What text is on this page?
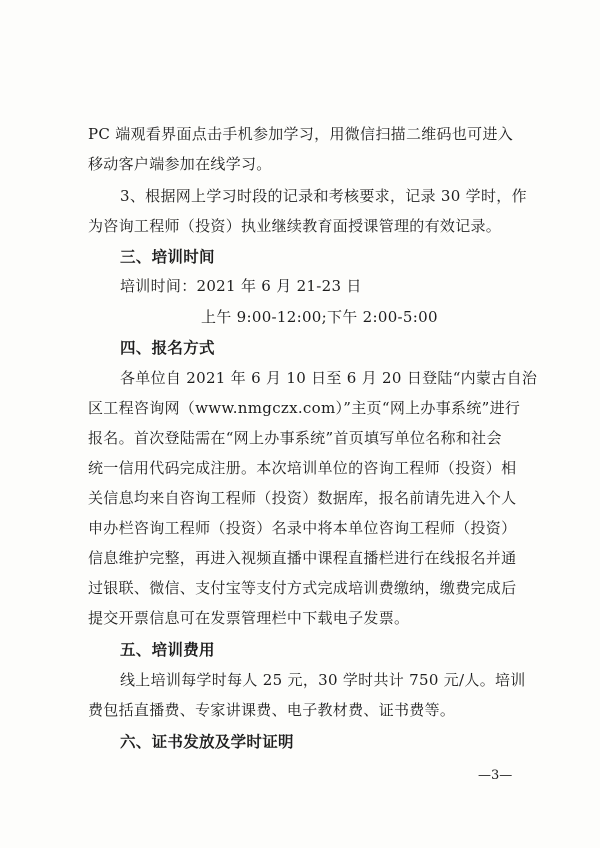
PC 端观看界面点击手机参加学习，用微信扫描二维码也可进入
移动客户端参加在线学习。
3、根据网上学习时段的记录和考核要求，记录 30 学时，作
为咨询工程师（投资）执业继续教育面授课管理的有效记录。
三、培训时间
培训时间：2021 年 6 月 21-23 日
上午 9:00-12:00;下午 2:00-5:00
四、报名方式
各单位自 2021 年 6 月 10 日至 6 月 20 日登陆“内蒙古自治
区工程咨询网（www.nmgczx.com）”主页“网上办事系统”进行
报名。首次登陆需在“网上办事系统”首页填写单位名称和社会
统一信用代码完成注册。本次培训单位的咨询工程师（投资）相
关信息均来自咨询工程师（投资）数据库，报名前请先进入个人
申办栏咨询工程师（投资）名录中将本单位咨询工程师（投资）
信息维护完整，再进入视频直播中课程直播栏进行在线报名并通
过银联、微信、支付宝等支付方式完成培训费缴纳，缴费完成后
提交开票信息可在发票管理栏中下载电子发票。
五、培训费用
线上培训每学时每人 25 元，30 学时共计 750 元/人。培训
费包括直播费、专家讲课费、电子教材费、证书费等。
六、证书发放及学时证明
—3—
